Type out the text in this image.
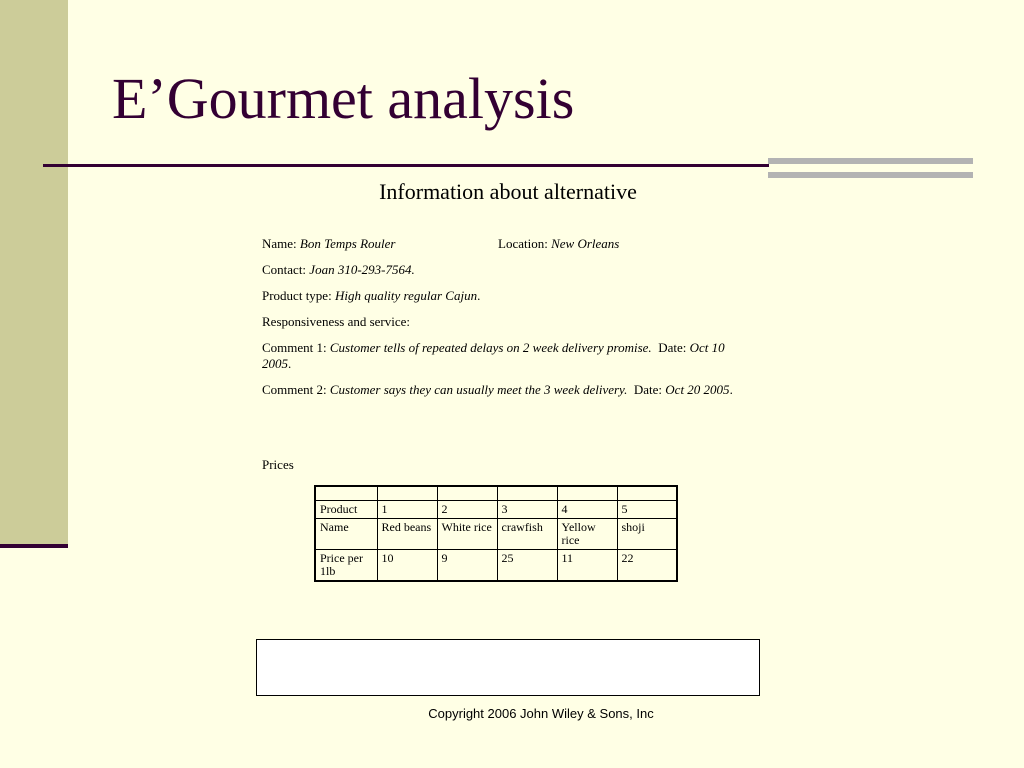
E’Gourmet analysis
Information about alternative

Name: Bon Temps Rouler	Location: New Orleans

Contact: Joan 310-293-7564.

Product type: High quality regular Cajun.

Responsiveness and service:

Comment 1: Customer tells of repeated delays on 2 week delivery promise. Date: Oct 10 2005.

Comment 2: Customer says they can usually meet the 3 week delivery. Date: Oct 20 2005.

Prices

Product	1	2	3	4	5
Name	Red beans	White rice	crawfish	Yellow rice	shoji
Price per 1lb	10	9	25	11	22
Copyright 2006 John Wiley & Sons, Inc
